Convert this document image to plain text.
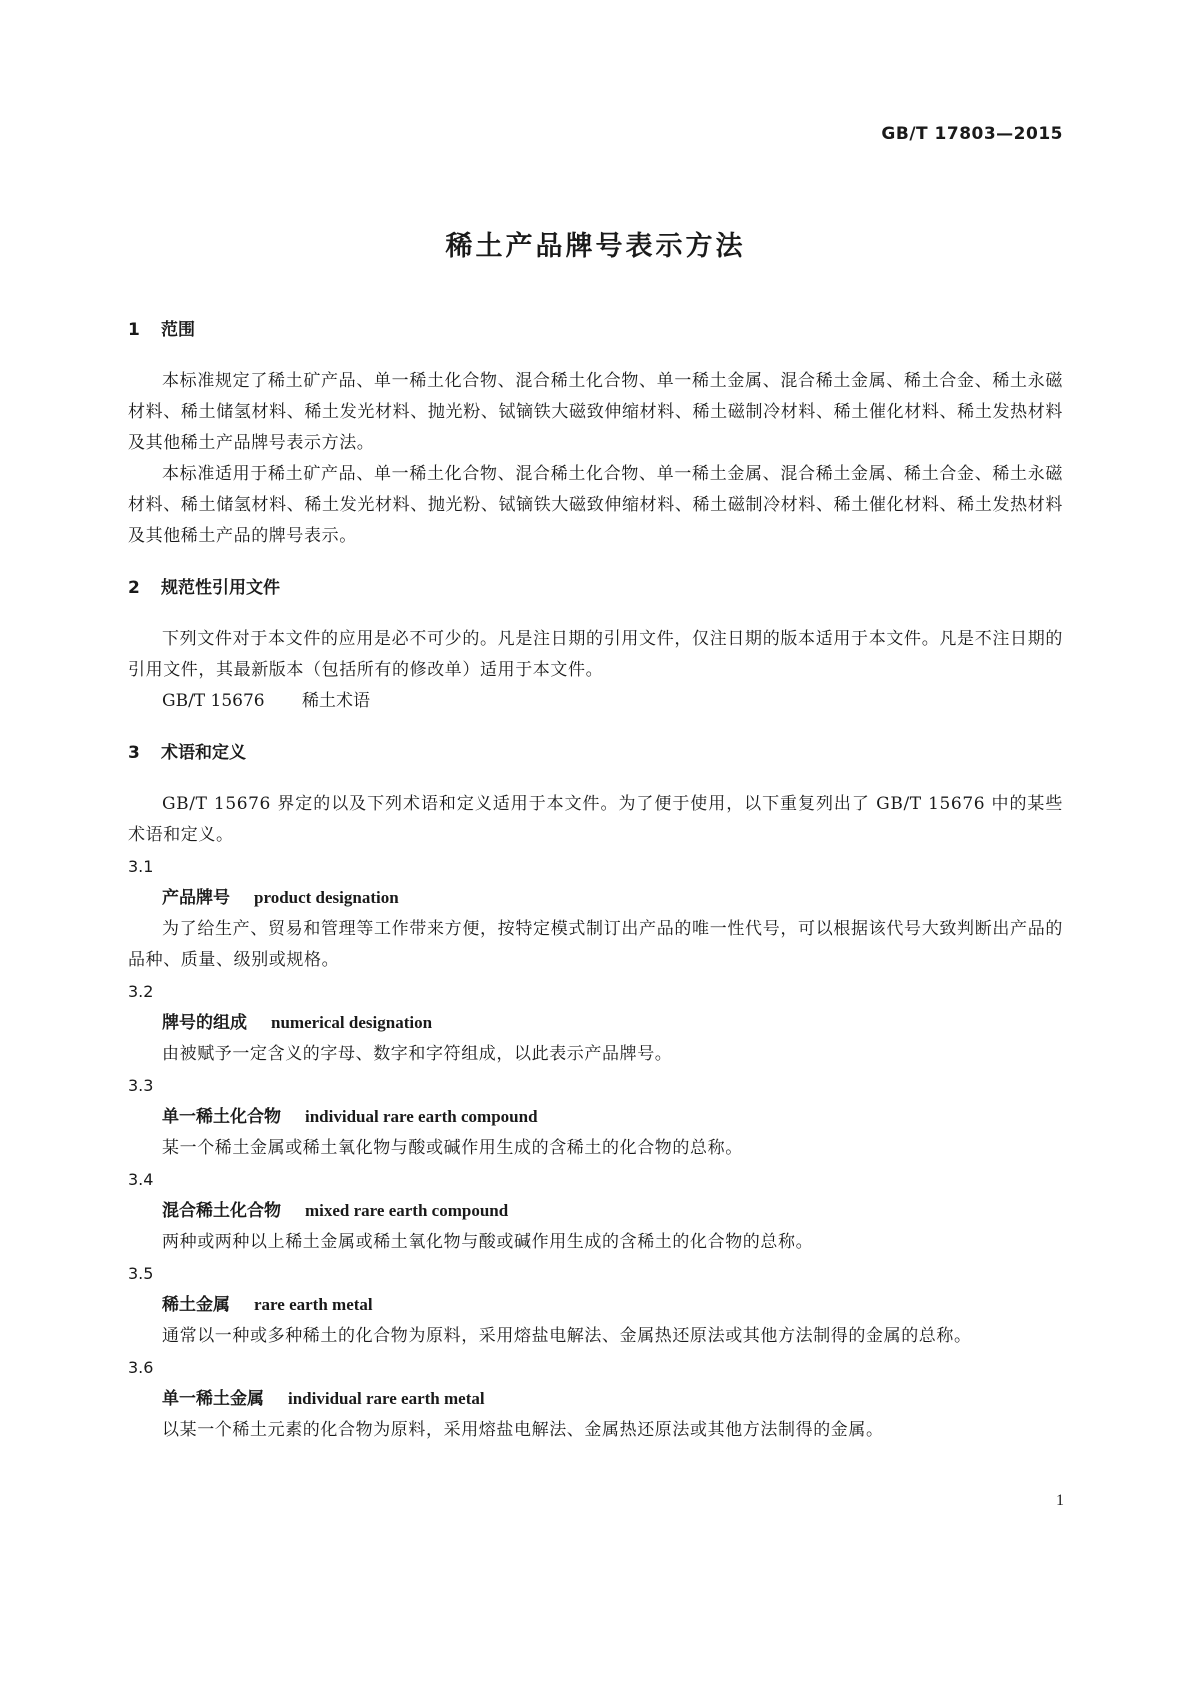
GB/T 17803—2015
稀土产品牌号表示方法
1 范围

本标准规定了稀土矿产品、单一稀土化合物、混合稀土化合物、单一稀土金属、混合稀土金属、稀土合金、稀土永磁材料、稀土储氢材料、稀土发光材料、抛光粉、铽镝铁大磁致伸缩材料、稀土磁制冷材料、稀土催化材料、稀土发热材料及其他稀土产品牌号表示方法。

本标准适用于稀土矿产品、单一稀土化合物、混合稀土化合物、单一稀土金属、混合稀土金属、稀土合金、稀土永磁材料、稀土储氢材料、稀土发光材料、抛光粉、铽镝铁大磁致伸缩材料、稀土磁制冷材料、稀土催化材料、稀土发热材料及其他稀土产品的牌号表示。

2 规范性引用文件

下列文件对于本文件的应用是必不可少的。凡是注日期的引用文件，仅注日期的版本适用于本文件。凡是不注日期的引用文件，其最新版本（包括所有的修改单）适用于本文件。

GB/T 15676 稀土术语

3 术语和定义

GB/T 15676 界定的以及下列术语和定义适用于本文件。为了便于使用，以下重复列出了 GB/T 15676 中的某些术语和定义。

3.1

产品牌号 product designation

为了给生产、贸易和管理等工作带来方便，按特定模式制订出产品的唯一性代号，可以根据该代号大致判断出产品的品种、质量、级别或规格。

3.2

牌号的组成 numerical designation

由被赋予一定含义的字母、数字和字符组成，以此表示产品牌号。

3.3

单一稀土化合物 individual rare earth compound

某一个稀土金属或稀土氧化物与酸或碱作用生成的含稀土的化合物的总称。

3.4

混合稀土化合物 mixed rare earth compound

两种或两种以上稀土金属或稀土氧化物与酸或碱作用生成的含稀土的化合物的总称。

3.5

稀土金属 rare earth metal

通常以一种或多种稀土的化合物为原料，采用熔盐电解法、金属热还原法或其他方法制得的金属的总称。

3.6

单一稀土金属 individual rare earth metal

以某一个稀土元素的化合物为原料，采用熔盐电解法、金属热还原法或其他方法制得的金属。

1
